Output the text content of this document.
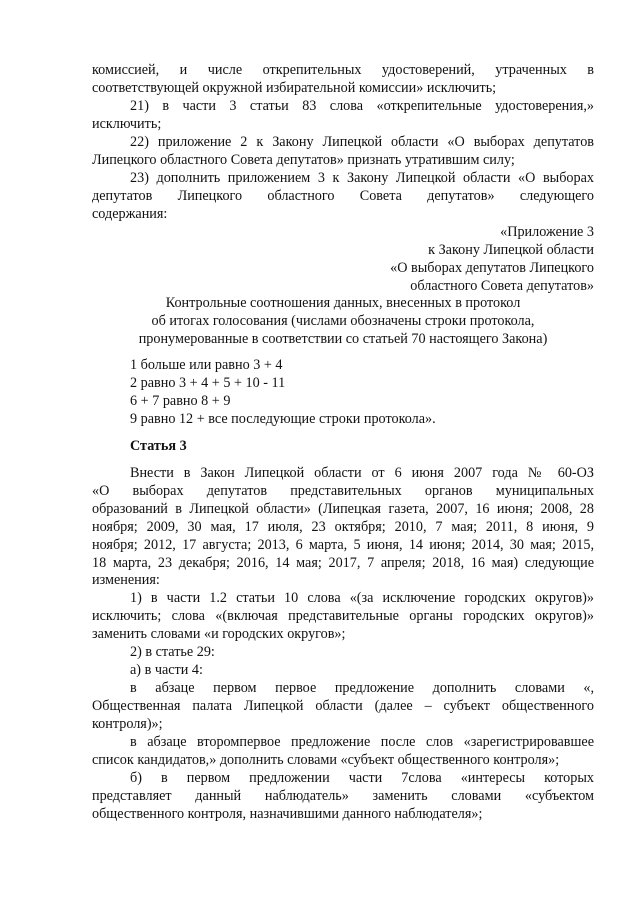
комиссией, и числе открепительных удостоверений, утраченных в
соответствующей окружной избирательной комиссии» исключить;
21) в части 3 статьи 83 слова «открепительные удостоверения,»
исключить;
22) приложение 2 к Закону Липецкой области «О выборах депутатов
Липецкого областного Совета депутатов» признать утратившим силу;
23) дополнить приложением 3 к Закону Липецкой области «О выборах
депутатов Липецкого областного Совета депутатов» следующего
содержания:
«Приложение 3
к Закону Липецкой области
«О выборах депутатов Липецкого
областного Совета депутатов»
Контрольные соотношения данных, внесенных в протокол
об итогах голосования (числами обозначены строки протокола,
пронумерованные в соответствии со статьей 70 настоящего Закона)
1 больше или равно 3 + 4
2 равно 3 + 4 + 5 + 10 - 11
6 + 7 равно 8 + 9
9 равно 12 + все последующие строки протокола».
Статья 3
Внести в Закон Липецкой области от 6 июня 2007 года № 60-ОЗ
«О выборах депутатов представительных органов муниципальных
образований в Липецкой области» (Липецкая газета, 2007, 16 июня; 2008, 28
ноября; 2009, 30 мая, 17 июля, 23 октября; 2010, 7 мая; 2011, 8 июня, 9
ноября; 2012, 17 августа; 2013, 6 марта, 5 июня, 14 июня; 2014, 30 мая; 2015,
18 марта, 23 декабря; 2016, 14 мая; 2017, 7 апреля; 2018, 16 мая) следующие
изменения:
1) в части 1.2 статьи 10 слова «(за исключение городских округов)»
исключить; слова «(включая представительные органы городских округов)»
заменить словами «и городских округов»;
2) в статье 29:
а) в части 4:
в абзаце первом первое предложение дополнить словами «,
Общественная палата Липецкой области (далее – субъект общественного
контроля)»;
в абзаце второмпервое предложение после слов «зарегистрировавшее
список кандидатов,» дополнить словами «субъект общественного контроля»;
б) в первом предложении части 7слова «интересы которых
представляет данный наблюдатель» заменить словами «субъектом
общественного контроля, назначившими данного наблюдателя»;
